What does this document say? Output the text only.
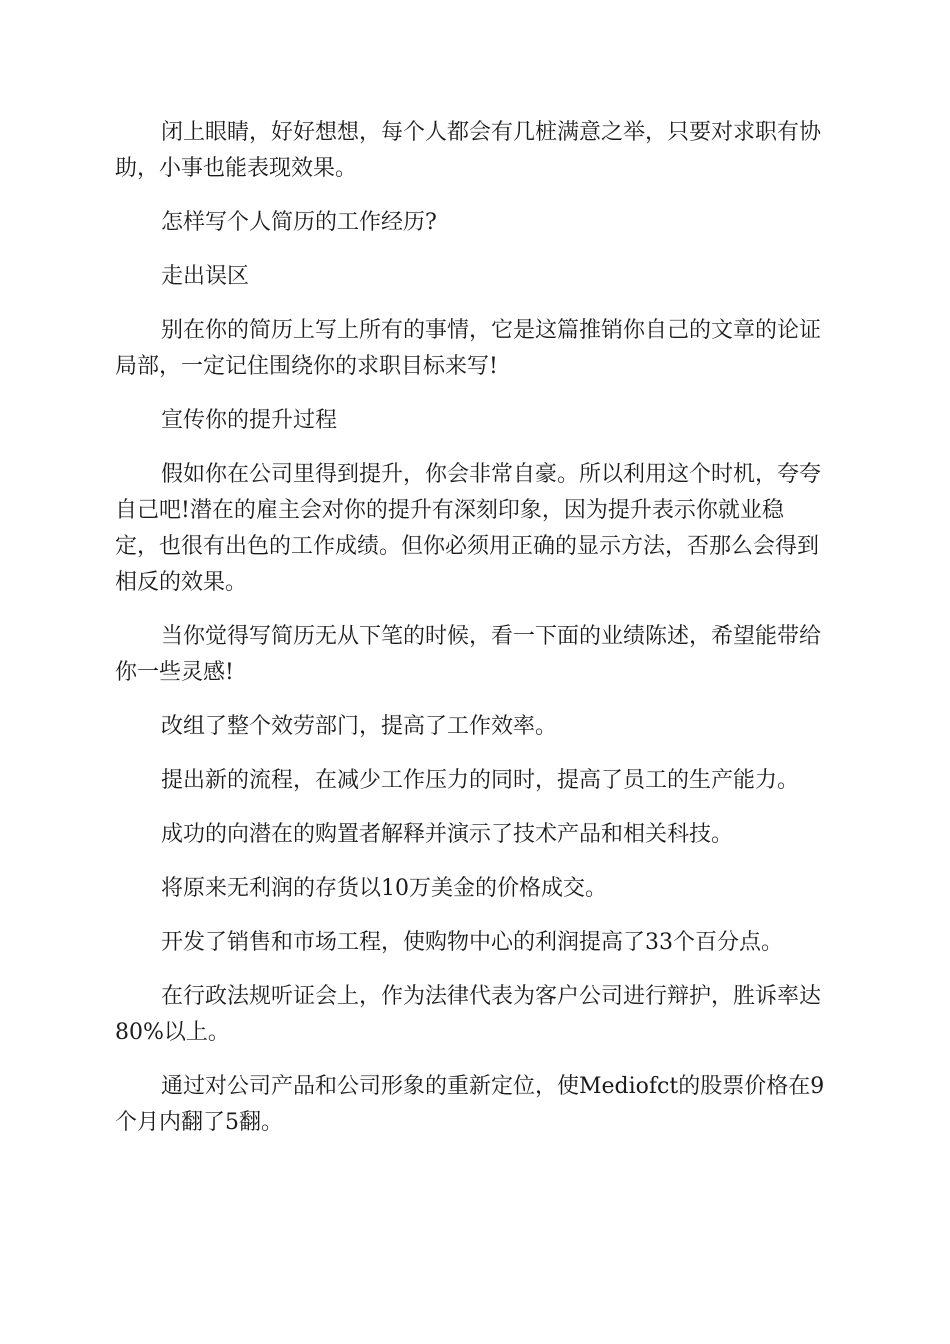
闭上眼睛，好好想想，每个人都会有几桩满意之举，只要对求职有协
助，小事也能表现效果。

怎样写个人简历的工作经历?

走出误区

别在你的简历上写上所有的事情，它是这篇推销你自己的文章的论证
局部，一定记住围绕你的求职目标来写!

宣传你的提升过程

假如你在公司里得到提升，你会非常自豪。所以利用这个时机，夸夸
自己吧!潜在的雇主会对你的提升有深刻印象，因为提升表示你就业稳
定，也很有出色的工作成绩。但你必须用正确的显示方法，否那么会得到
相反的效果。

当你觉得写简历无从下笔的时候，看一下面的业绩陈述，希望能带给
你一些灵感!

改组了整个效劳部门，提高了工作效率。

提出新的流程，在减少工作压力的同时，提高了员工的生产能力。

成功的向潜在的购置者解释并演示了技术产品和相关科技。

将原来无利润的存货以10万美金的价格成交。

开发了销售和市场工程，使购物中心的利润提高了33个百分点。

在行政法规听证会上，作为法律代表为客户公司进行辩护，胜诉率达
80%以上。

通过对公司产品和公司形象的重新定位，使Mediofct的股票价格在9
个月内翻了5翻。
